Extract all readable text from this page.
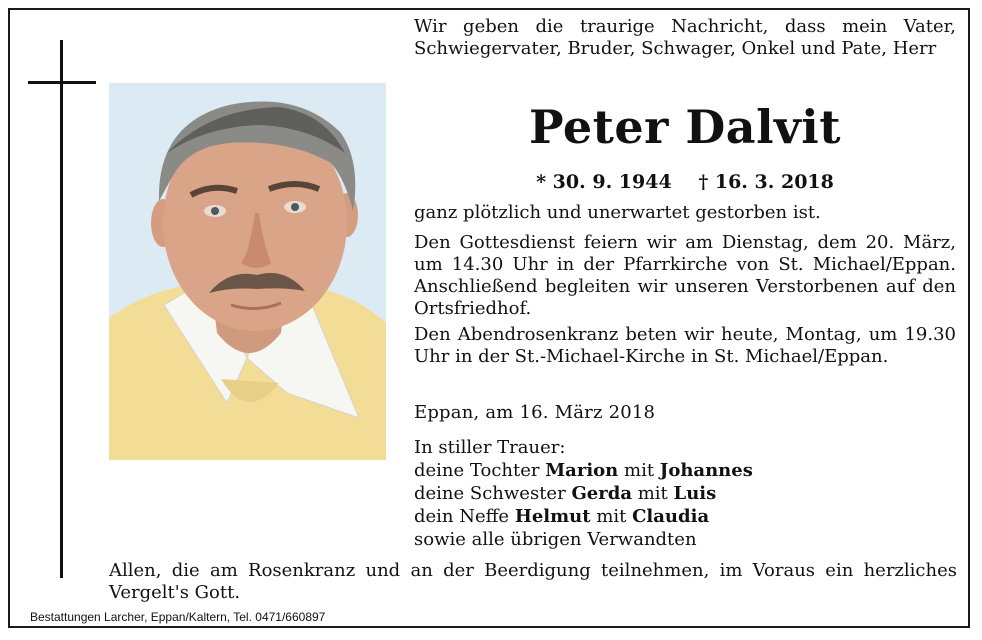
Wir geben die traurige Nachricht, dass mein Vater, Schwiegervater, Bruder, Schwager, Onkel und Pate, Herr
Peter Dalvit
* 30. 9. 1944 † 16. 3. 2018
ganz plötzlich und unerwartet gestorben ist.
Den Gottesdienst feiern wir am Dienstag, dem 20. März, um 14.30 Uhr in der Pfarrkirche von St. Michael/Eppan. Anschließend begleiten wir unseren Verstorbenen auf den Ortsfriedhof.
Den Abendrosenkranz beten wir heute, Montag, um 19.30 Uhr in der St.-Michael-Kirche in St. Michael/Eppan.
Eppan, am 16. März 2018
In stiller Trauer:
deine Tochter Marion mit Johannes
deine Schwester Gerda mit Luis
dein Neffe Helmut mit Claudia
sowie alle übrigen Verwandten
Allen, die am Rosenkranz und an der Beerdigung teilnehmen, im Voraus ein herzliches Vergelt's Gott.
Bestattungen Larcher, Eppan/Kaltern, Tel. 0471/660897
